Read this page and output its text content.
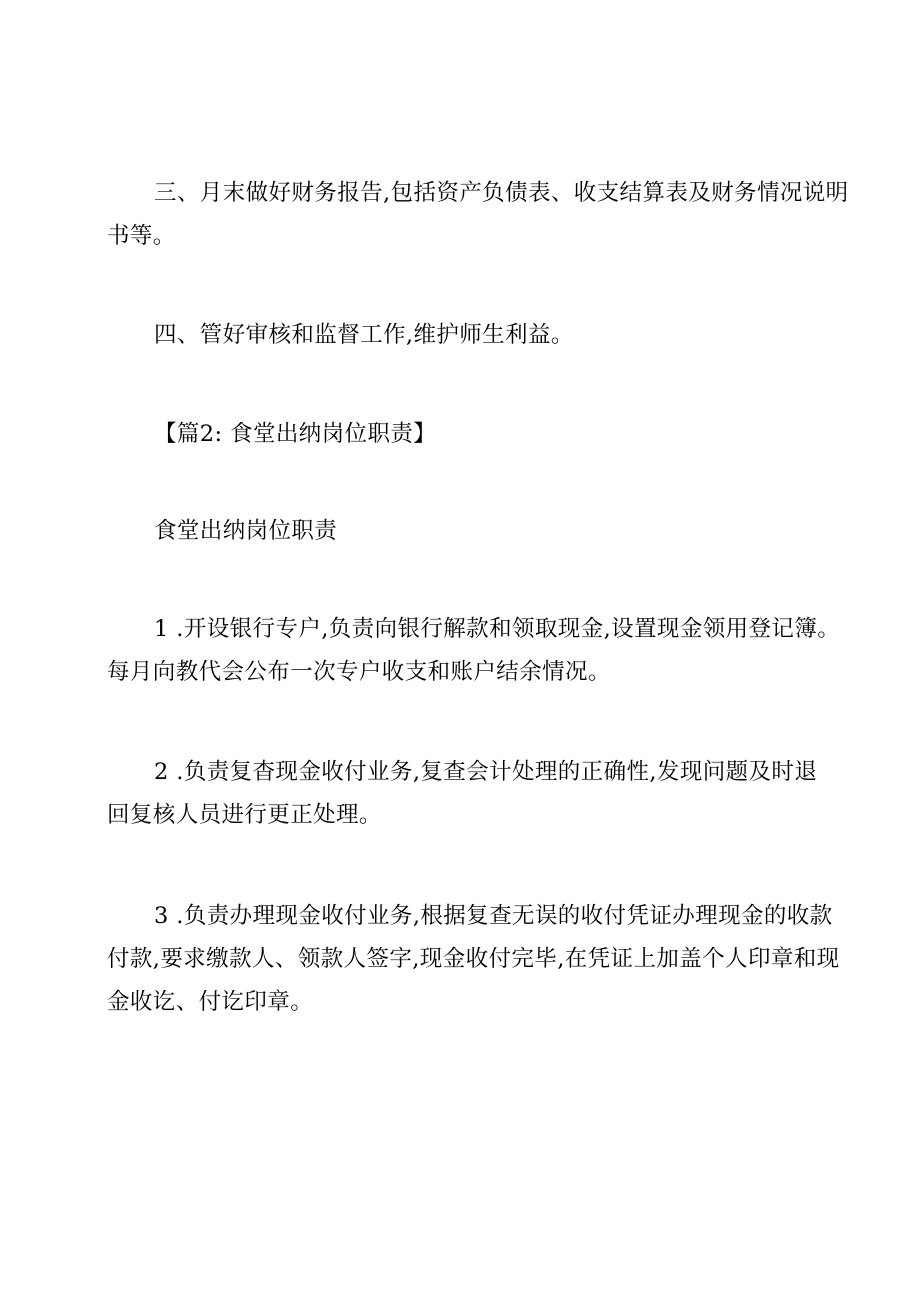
三、月末做好财务报告,包括资产负债表、收支结算表及财务情况说明
书等。

四、管好审核和监督工作,维护师生利益。

【篇2: 食堂出纳岗位职责】

食堂出纳岗位职责

1 .开设银行专户,负责向银行解款和领取现金,设置现金领用登记簿。
每月向教代会公布一次专户收支和账户结余情况。

2 .负责复杳现金收付业务,复查会计处理的正确性,发现问题及时退
回复核人员进行更正处理。

3 .负责办理现金收付业务,根据复查无误的收付凭证办理现金的收款
付款,要求缴款人、领款人签字,现金收付完毕,在凭证上加盖个人印章和现
金收讫、付讫印章。
